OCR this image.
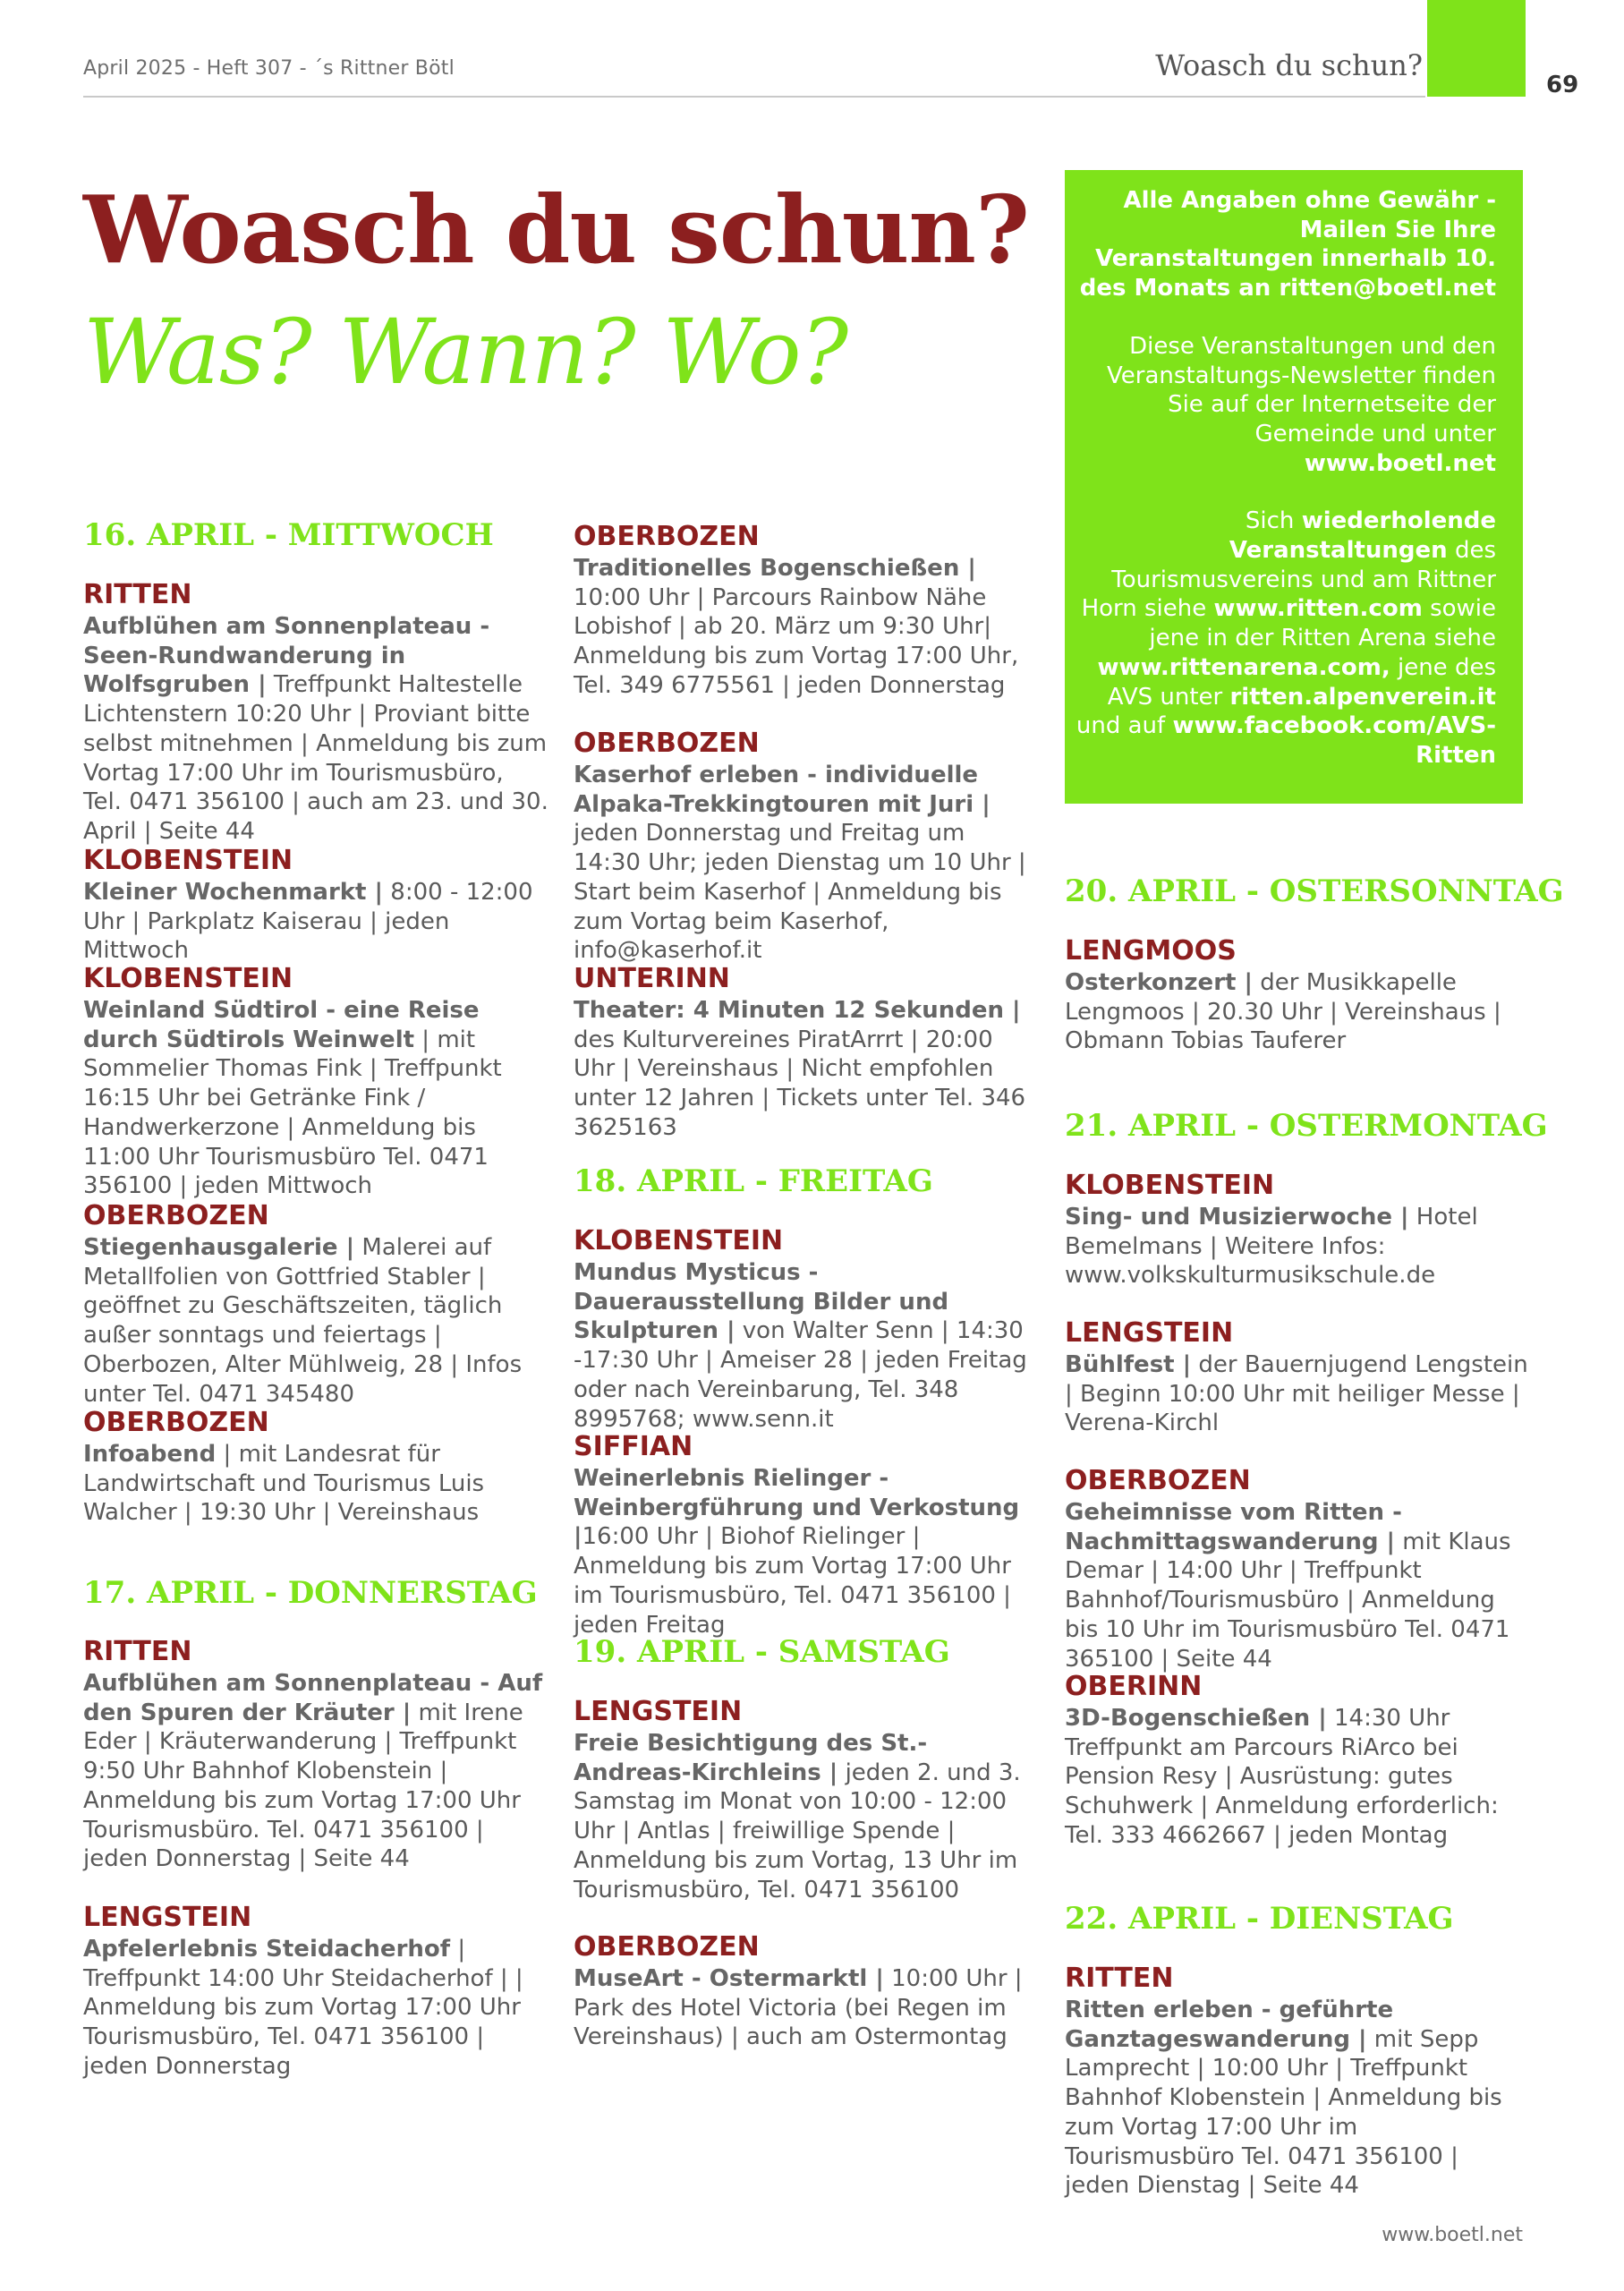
April 2025 - Heft 307 - ´s Rittner Bötl	Woasch du schun?
69
Woasch du schun?
Was? Wann? Wo?

Alle Angaben ohne Gewähr - Mailen Sie Ihre Veranstaltungen innerhalb 10. des Monats an ritten@boetl.net

Diese Veranstaltungen und den Veranstaltungs-Newsletter finden Sie auf der Internetseite der Gemeinde und unter www.boetl.net

Sich wiederholende Veranstaltungen des Tourismusvereins und am Rittner Horn siehe www.ritten.com sowie jene in der Ritten Arena siehe www.rittenarena.com, jene des AVS unter ritten.alpenverein.it und auf www.facebook.com/AVS-Ritten

16. APRIL - MITTWOCH
RITTEN

Aufblühen am Sonnenplateau - Seen-Rundwanderung in Wolfsgruben | Treffpunkt Haltestelle Lichtenstern 10:20 Uhr | Proviant bitte selbst mitnehmen | Anmeldung bis zum Vortag 17:00 Uhr im Tourismusbüro, Tel. 0471 356100 | auch am 23. und 30. April | Seite 44

KLOBENSTEIN

Kleiner Wochenmarkt | 8:00 - 12:00 Uhr | Parkplatz Kaiserau | jeden Mittwoch

KLOBENSTEIN

Weinland Südtirol - eine Reise durch Südtirols Weinwelt | mit Sommelier Thomas Fink | Treffpunkt 16:15 Uhr bei Getränke Fink / Handwerkerzone | Anmeldung bis 11:00 Uhr Tourismusbüro Tel. 0471 356100 | jeden Mittwoch

OBERBOZEN

Stiegenhausgalerie | Malerei auf Metallfolien von Gottfried Stabler | geöffnet zu Geschäftszeiten, täglich außer sonntags und feiertags | Oberbozen, Alter Mühlweig, 28 | Infos unter Tel. 0471 345480

OBERBOZEN

Infoabend | mit Landesrat für Landwirtschaft und Tourismus Luis Walcher | 19:30 Uhr | Vereinshaus

17. APRIL - DONNERSTAG
RITTEN

Aufblühen am Sonnenplateau - Auf den Spuren der Kräuter | mit Irene Eder | Kräuterwanderung | Treffpunkt 9:50 Uhr Bahnhof Klobenstein | Anmeldung bis zum Vortag 17:00 Uhr Tourismusbüro. Tel. 0471 356100 | jeden Donnerstag | Seite 44

LENGSTEIN

Apfelerlebnis Steidacherhof | Treffpunkt 14:00 Uhr Steidacherhof | | Anmeldung bis zum Vortag 17:00 Uhr Tourismusbüro, Tel. 0471 356100 | jeden Donnerstag

OBERBOZEN

Traditionelles Bogenschießen | 10:00 Uhr | Parcours Rainbow Nähe Lobishof | ab 20. März um 9:30 Uhr| Anmeldung bis zum Vortag 17:00 Uhr, Tel. 349 6775561 | jeden Donnerstag

OBERBOZEN

Kaserhof erleben - individuelle Alpaka-Trekkingtouren mit Juri | jeden Donnerstag und Freitag um 14:30 Uhr; jeden Dienstag um 10 Uhr | Start beim Kaserhof | Anmeldung bis zum Vortag beim Kaserhof, info@kaserhof.it

UNTERINN

Theater: 4 Minuten 12 Sekunden | des Kulturvereines PiratArrrt | 20:00 Uhr | Vereinshaus | Nicht empfohlen unter 12 Jahren | Tickets unter Tel. 346 3625163

18. APRIL - FREITAG
KLOBENSTEIN

Mundus Mysticus - Dauerausstellung Bilder und Skulpturen | von Walter Senn | 14:30 -17:30 Uhr | Ameiser 28 | jeden Freitag oder nach Vereinbarung, Tel. 348 8995768; www.senn.it

SIFFIAN

Weinerlebnis Rielinger - Weinbergführung und Verkostung |16:00 Uhr | Biohof Rielinger | Anmeldung bis zum Vortag 17:00 Uhr im Tourismusbüro, Tel. 0471 356100 | jeden Freitag

19. APRIL - SAMSTAG
LENGSTEIN

Freie Besichtigung des St.-Andreas-Kirchleins | jeden 2. und 3. Samstag im Monat von 10:00 - 12:00 Uhr | Antlas | freiwillige Spende | Anmeldung bis zum Vortag, 13 Uhr im Tourismusbüro, Tel. 0471 356100

OBERBOZEN

MuseArt - Ostermarktl | 10:00 Uhr | Park des Hotel Victoria (bei Regen im Vereinshaus) | auch am Ostermontag

20. APRIL - OSTERSONNTAG
LENGMOOS

Osterkonzert | der Musikkapelle Lengmoos | 20.30 Uhr | Vereinshaus | Obmann Tobias Tauferer

21. APRIL - OSTERMONTAG
KLOBENSTEIN

Sing- und Musizierwoche | Hotel Bemelmans | Weitere Infos: www.volkskulturmusikschule.de

LENGSTEIN

Bühlfest | der Bauernjugend Lengstein | Beginn 10:00 Uhr mit heiliger Messe | Verena-Kirchl

OBERBOZEN

Geheimnisse vom Ritten - Nachmittagswanderung | mit Klaus Demar | 14:00 Uhr | Treffpunkt Bahnhof/Tourismusbüro | Anmeldung bis 10 Uhr im Tourismusbüro Tel. 0471 365100 | Seite 44

OBERINN

3D-Bogenschießen | 14:30 Uhr Treffpunkt am Parcours RiArco bei Pension Resy | Ausrüstung: gutes Schuhwerk | Anmeldung erforderlich: Tel. 333 4662667 | jeden Montag

22. APRIL - DIENSTAG
RITTEN

Ritten erleben - geführte Ganztageswanderung | mit Sepp Lamprecht | 10:00 Uhr | Treffpunkt Bahnhof Klobenstein | Anmeldung bis zum Vortag 17:00 Uhr im Tourismusbüro Tel. 0471 356100 | jeden Dienstag | Seite 44

www.boetl.net
